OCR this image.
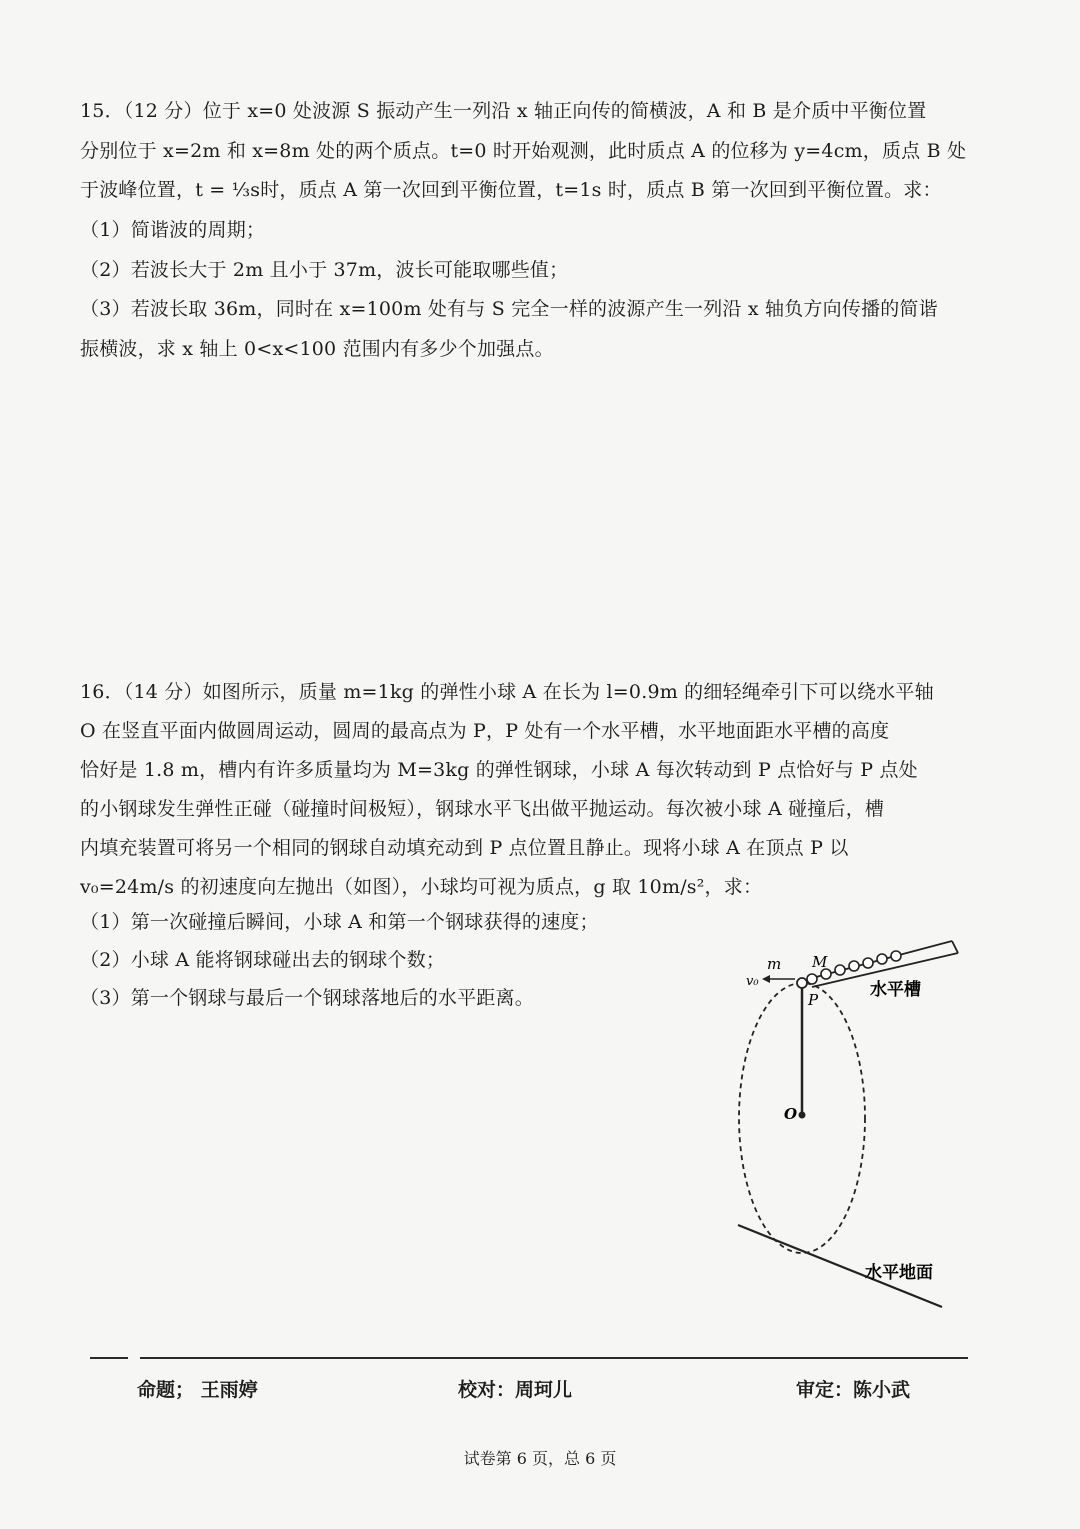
15．（12 分）位于 x=0 处波源 S 振动产生一列沿 x 轴正向传的简横波，A 和 B 是介质中平衡位置
分别位于 x=2m 和 x=8m 处的两个质点。t=0 时开始观测，此时质点 A 的位移为 y=4cm，质点 B 处
于波峰位置，t = ⅓s时，质点 A 第一次回到平衡位置，t=1s 时，质点 B 第一次回到平衡位置。求：
（1）简谐波的周期；
（2）若波长大于 2m 且小于 37m，波长可能取哪些值；
（3）若波长取 36m，同时在 x=100m 处有与 S 完全一样的波源产生一列沿 x 轴负方向传播的简谐
振横波，求 x 轴上 0<x<100 范围内有多少个加强点。
16．（14 分）如图所示，质量 m=1kg 的弹性小球 A 在长为 l=0.9m 的细轻绳牵引下可以绕水平轴
O 在竖直平面内做圆周运动，圆周的最高点为 P，P 处有一个水平槽，水平地面距水平槽的高度
恰好是 1.8 m，槽内有许多质量均为 M=3kg 的弹性钢球，小球 A 每次转动到 P 点恰好与 P 点处
的小钢球发生弹性正碰（碰撞时间极短），钢球水平飞出做平抛运动。每次被小球 A 碰撞后，槽
内填充装置可将另一个相同的钢球自动填充动到 P 点位置且静止。现将小球 A 在顶点 P 以
v₀=24m/s 的初速度向左抛出（如图），小球均可视为质点，g 取 10m/s²，求：
（1）第一次碰撞后瞬间，小球 A 和第一个钢球获得的速度；
（2）小球 A 能将钢球碰出去的钢球个数；
（3）第一个钢球与最后一个钢球落地后的水平距离。
m M
v₀
P
O
水平槽
水平地面
命题； 王雨婷	校对：周珂儿	审定：陈小武
试卷第 6 页，总 6 页
